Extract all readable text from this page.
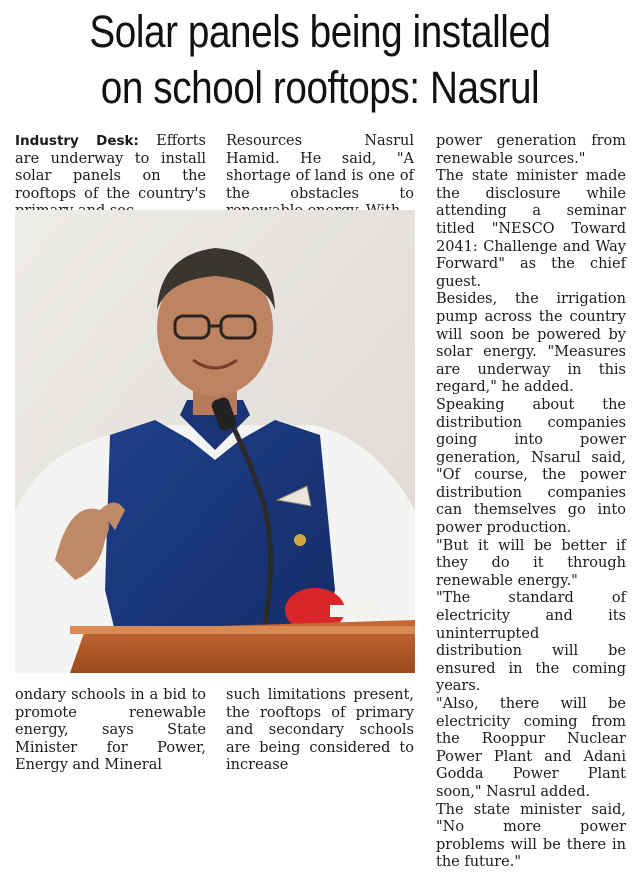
Solar panels being installed
on school rooftops: Nasrul

Industry Desk: Efforts are underway to install solar panels on the rooftops of the country's

Resources Nasrul Hamid. He said, "A shortage of land is one of the obstacles to

ondary schools in a bid to promote renewable energy, says State Minister for Power, Energy and Mineral

such limitations present, the rooftops of primary and secondary schools are being considered to increase

power generation from renewable sources."

The state minister made the disclosure while attending a seminar titled "NESCO Toward 2041: Challenge and Way Forward" as the chief guest.

Besides, the irrigation pump across the country will soon be powered by solar energy. "Measures are underway in this regard," he added.

Speaking about the distribution companies going into power generation, Nsarul said, "Of course, the power distribution companies can themselves go into power production.

"But it will be better if they do it through renewable energy."

"The standard of electricity and its uninterrupted distribution will be ensured in the coming years.

"Also, there will be electricity coming from the Rooppur Nuclear Power Plant and Adani Godda Power Plant soon," Nasrul added.

The state minister said, "No more power problems will be there in the future."
